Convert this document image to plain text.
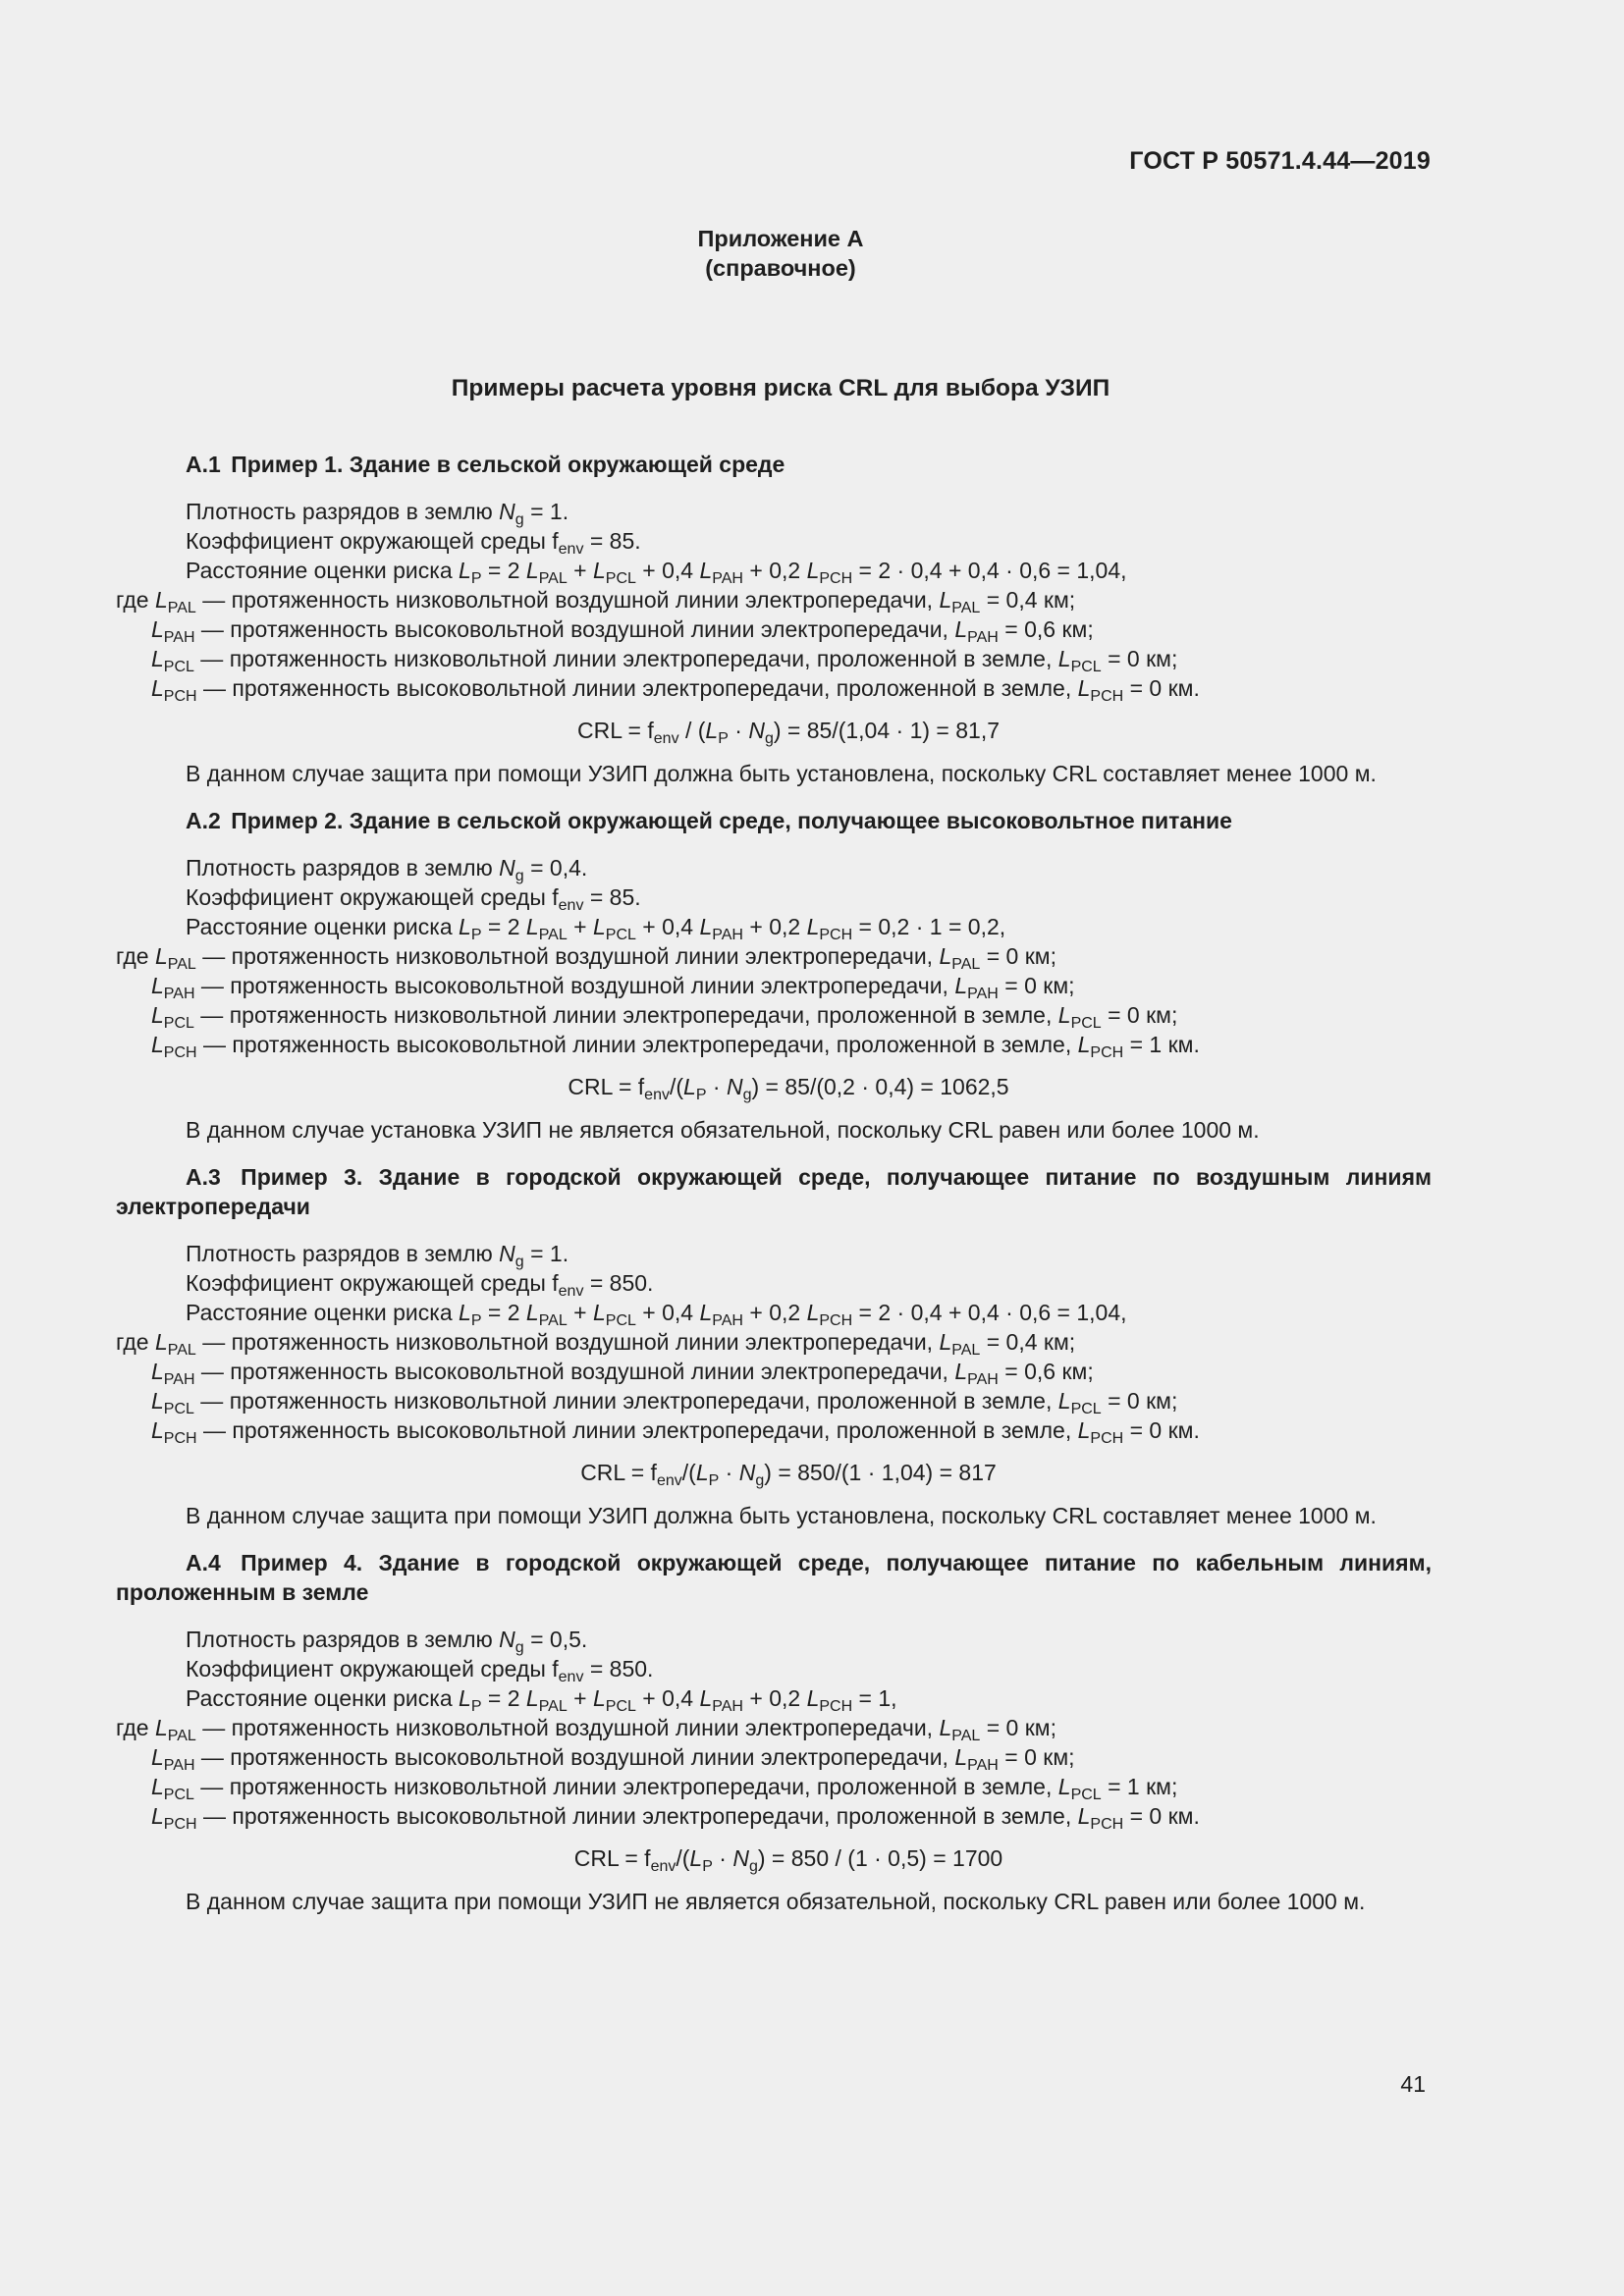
ГОСТ Р 50571.4.44—2019
Приложение А
(справочное)
Примеры расчета уровня риска CRL для выбора УЗИП
А.1 Пример 1. Здание в сельской окружающей среде
Плотность разрядов в землю $N_g = 1$.
Коэффициент окружающей среды $f_{env} = 85$.
Расстояние оценки риска $L_P = 2$ $L_{PAL} + L_{PCL} + 0,4$ $L_{PAH} + 0,2$ $L_{PCH} = 2 \cdot 0,4 + 0,4 \cdot 0,6 = 1,04$,
где $L_{PAL}$ — протяженность низковольтной воздушной линии электропередачи, $L_{PAL} = 0,4$ км;
$L_{PAH}$ — протяженность высоковольтной воздушной линии электропередачи, $L_{PAH} = 0,6$ км;
$L_{PCL}$ — протяженность низковольтной линии электропередачи, проложенной в земле, $L_{PCL} = 0$ км;
$L_{PCH}$ — протяженность высоковольтной линии электропередачи, проложенной в земле, $L_{PCH} = 0$ км.
CRL = $f_{env} / (L_P \cdot N_g) = 85/(1,04 \cdot 1) = 81,7$
В данном случае защита при помощи УЗИП должна быть установлена, поскольку CRL составляет менее 1000 м.
А.2 Пример 2. Здание в сельской окружающей среде, получающее высоковольтное питание
Плотность разрядов в землю $N_g = 0,4$.
Коэффициент окружающей среды $f_{env} = 85$.
Расстояние оценки риска $L_P = 2$ $L_{PAL} + L_{PCL} + 0,4$ $L_{PAH} + 0,2$ $L_{PCH} = 0,2 \cdot 1 = 0,2$,
где $L_{PAL}$ — протяженность низковольтной воздушной линии электропередачи, $L_{PAL} = 0$ км;
$L_{PAH}$ — протяженность высоковольтной воздушной линии электропередачи, $L_{PAH} = 0$ км;
$L_{PCL}$ — протяженность низковольтной линии электропередачи, проложенной в земле, $L_{PCL} = 0$ км;
$L_{PCH}$ — протяженность высоковольтной линии электропередачи, проложенной в земле, $L_{PCH} = 1$ км.
CRL = $f_{env}/(L_P \cdot N_g) = 85/(0,2 \cdot 0,4) = 1062,5$
В данном случае установка УЗИП не является обязательной, поскольку CRL равен или более 1000 м.
А.3 Пример 3. Здание в городской окружающей среде, получающее питание по воздушным линиям электропередачи
Плотность разрядов в землю $N_g = 1$.
Коэффициент окружающей среды $f_{env} = 850$.
Расстояние оценки риска $L_P = 2$ $L_{PAL} + L_{PCL} + 0,4$ $L_{PAH} + 0,2$ $L_{PCH} = 2 \cdot 0,4 + 0,4 \cdot 0,6 = 1,04$,
где $L_{PAL}$ — протяженность низковольтной воздушной линии электропередачи, $L_{PAL} = 0,4$ км;
$L_{PAH}$ — протяженность высоковольтной воздушной линии электропередачи, $L_{PAH} = 0,6$ км;
$L_{PCL}$ — протяженность низковольтной линии электропередачи, проложенной в земле, $L_{PCL} = 0$ км;
$L_{PCH}$ — протяженность высоковольтной линии электропередачи, проложенной в земле, $L_{PCH} = 0$ км.
CRL = $f_{env}/(L_P \cdot N_g) = 850/(1 \cdot 1,04) = 817$
В данном случае защита при помощи УЗИП должна быть установлена, поскольку CRL составляет менее 1000 м.
А.4 Пример 4. Здание в городской окружающей среде, получающее питание по кабельным линиям, проложенным в земле
Плотность разрядов в землю $N_g = 0,5$.
Коэффициент окружающей среды $f_{env} = 850$.
Расстояние оценки риска $L_P = 2$ $L_{PAL} + L_{PCL} + 0,4$ $L_{PAH} + 0,2$ $L_{PCH} = 1$,
где $L_{PAL}$ — протяженность низковольтной воздушной линии электропередачи, $L_{PAL} = 0$ км;
$L_{PAH}$ — протяженность высоковольтной воздушной линии электропередачи, $L_{PAH} = 0$ км;
$L_{PCL}$ — протяженность низковольтной линии электропередачи, проложенной в земле, $L_{PCL} = 1$ км;
$L_{PCH}$ — протяженность высоковольтной линии электропередачи, проложенной в земле, $L_{PCH} = 0$ км.
CRL = $f_{env}/(L_P \cdot N_g) = 850 / (1 \cdot 0,5) = 1700$
В данном случае защита при помощи УЗИП не является обязательной, поскольку CRL равен или более 1000 м.
41
